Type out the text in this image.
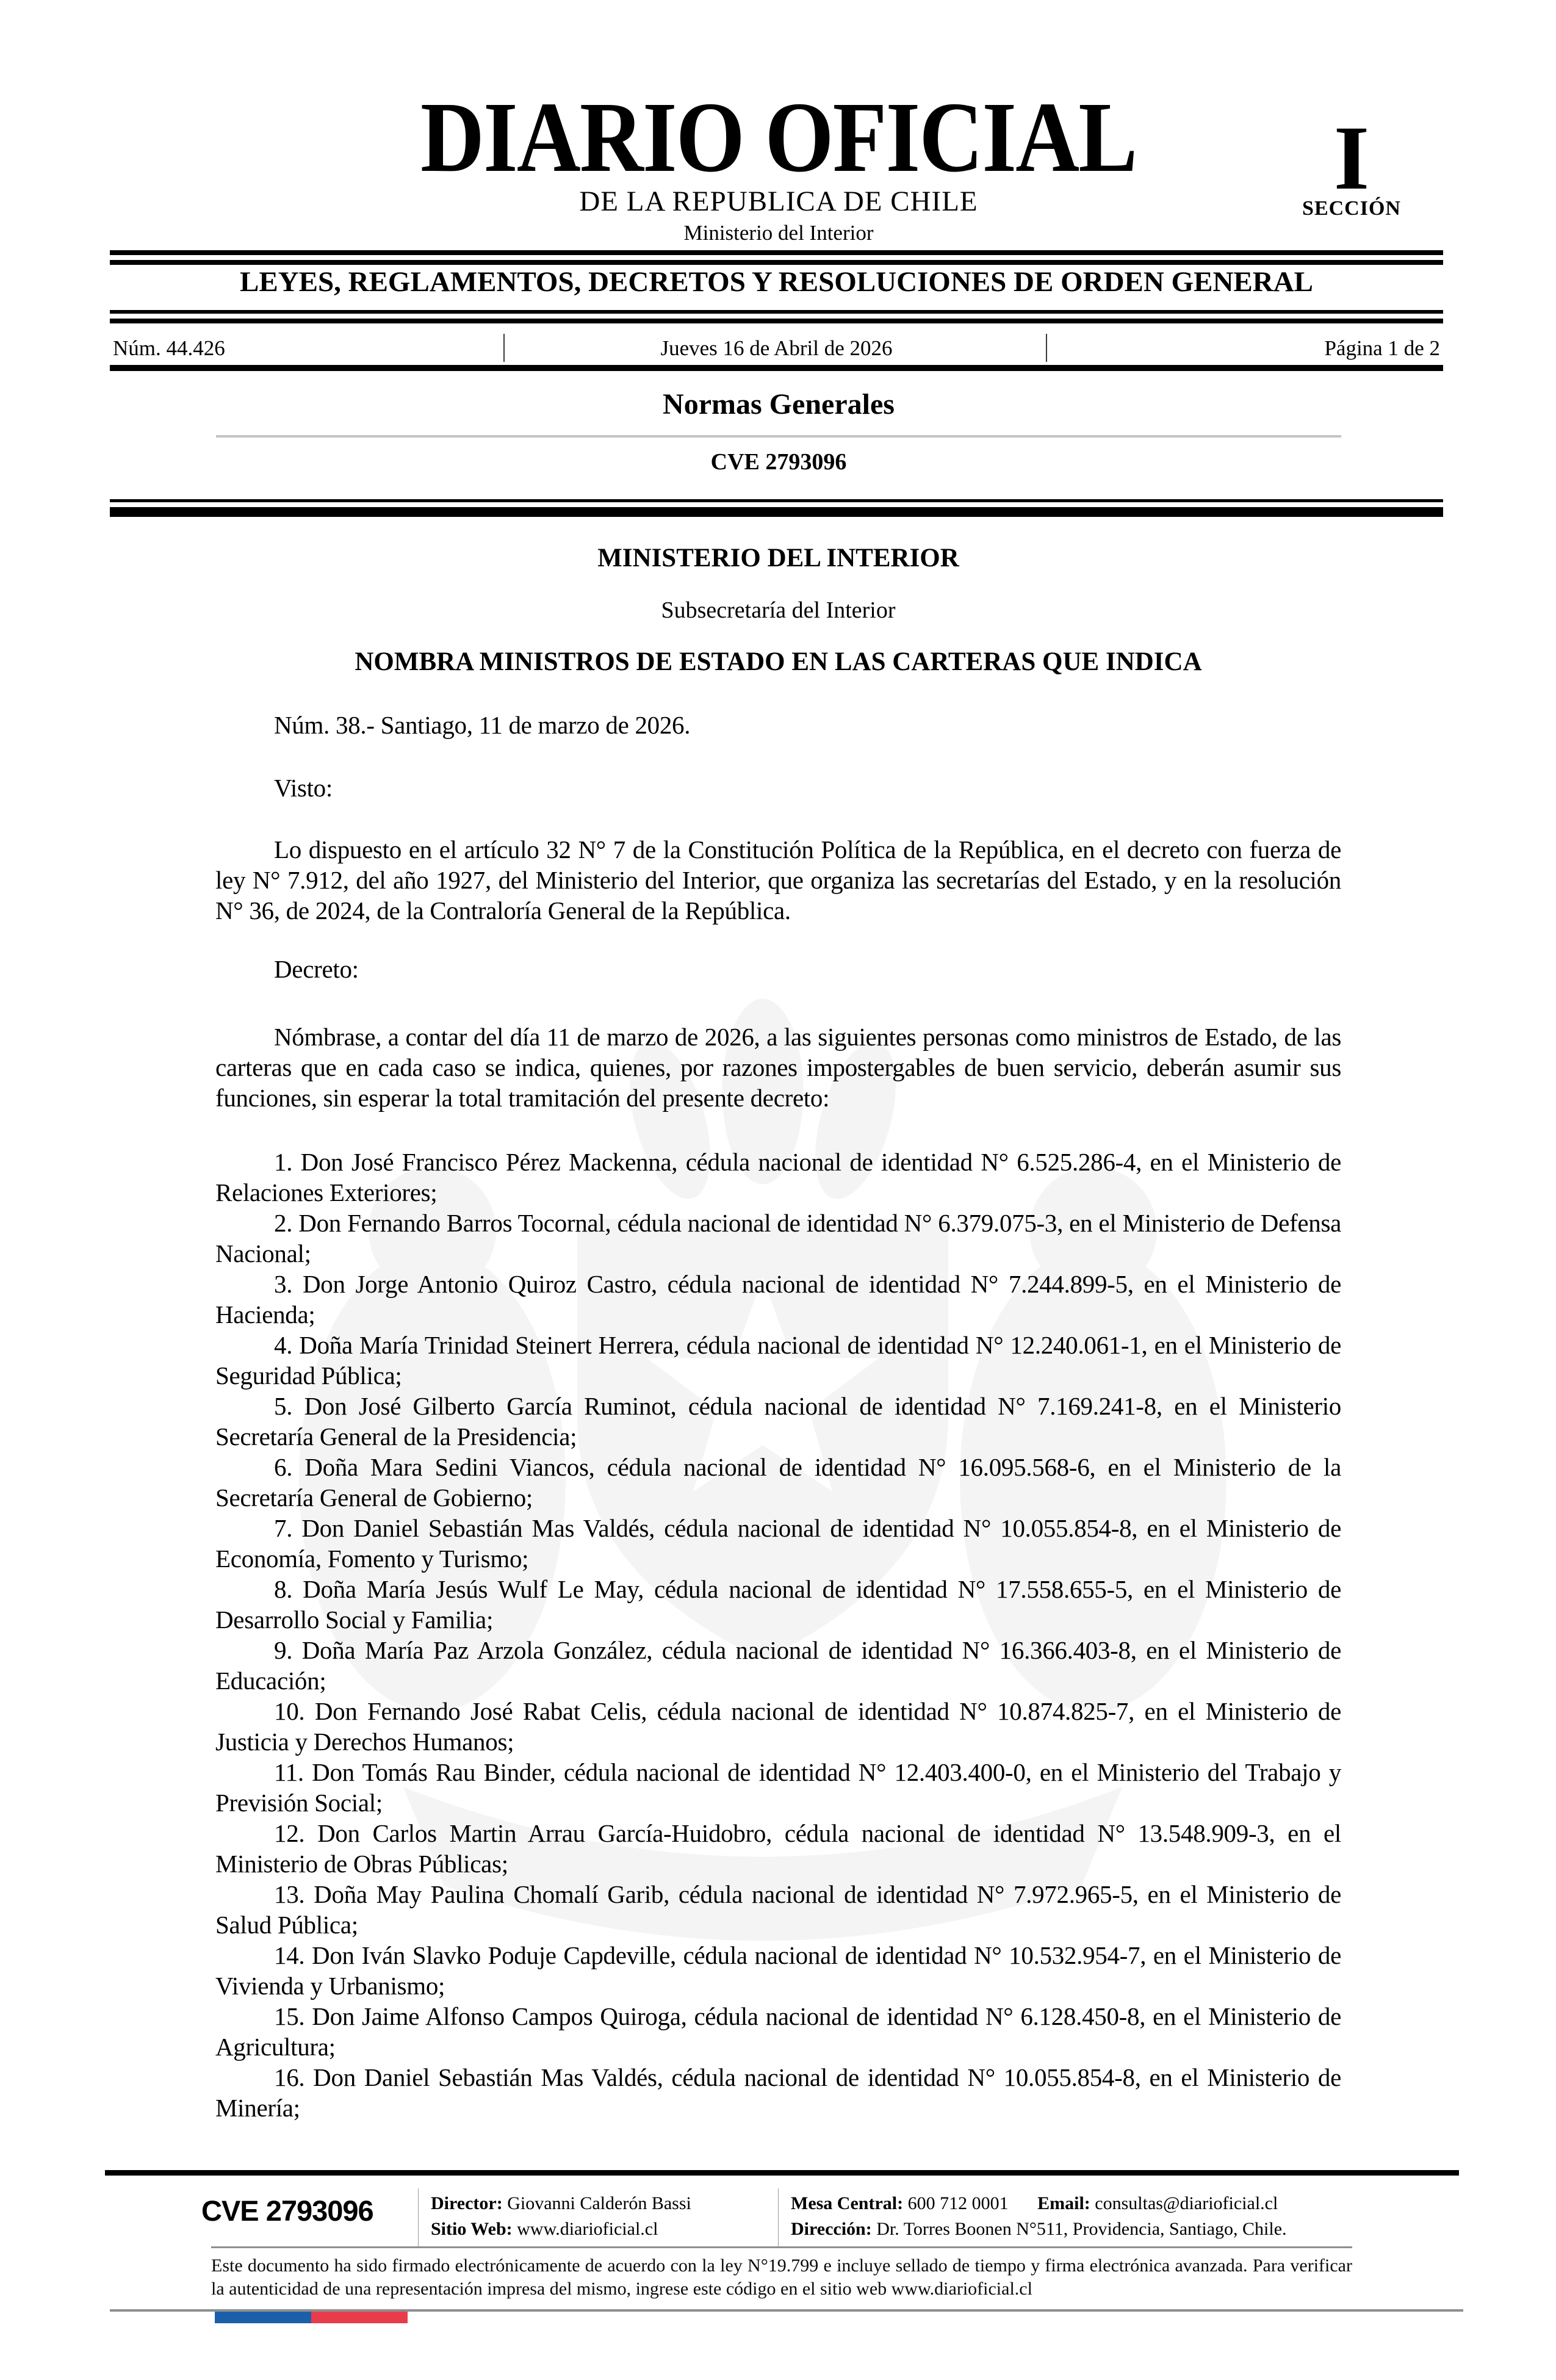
DIARIO OFICIAL
DE LA REPUBLICA DE CHILE
Ministerio del Interior
I
SECCIÓN
LEYES, REGLAMENTOS, DECRETOS Y RESOLUCIONES DE ORDEN GENERAL
Núm. 44.426	Jueves 16 de Abril de 2026	Página 1 de 2
Normas Generales
CVE 2793096
MINISTERIO DEL INTERIOR
Subsecretaría del Interior
NOMBRA MINISTROS DE ESTADO EN LAS CARTERAS QUE INDICA

Núm. 38.- Santiago, 11 de marzo de 2026.

Visto:

Lo dispuesto en el artículo 32 N° 7 de la Constitución Política de la República, en el decreto con fuerza de ley N° 7.912, del año 1927, del Ministerio del Interior, que organiza las secretarías del Estado, y en la resolución N° 36, de 2024, de la Contraloría General de la República.

Decreto:

Nómbrase, a contar del día 11 de marzo de 2026, a las siguientes personas como ministros de Estado, de las carteras que en cada caso se indica, quienes, por razones impostergables de buen servicio, deberán asumir sus funciones, sin esperar la total tramitación del presente decreto:

1. Don José Francisco Pérez Mackenna, cédula nacional de identidad N° 6.525.286-4, en el Ministerio de Relaciones Exteriores;

2. Don Fernando Barros Tocornal, cédula nacional de identidad N° 6.379.075-3, en el Ministerio de Defensa Nacional;

3. Don Jorge Antonio Quiroz Castro, cédula nacional de identidad N° 7.244.899-5, en el Ministerio de Hacienda;

4. Doña María Trinidad Steinert Herrera, cédula nacional de identidad N° 12.240.061-1, en el Ministerio de Seguridad Pública;

5. Don José Gilberto García Ruminot, cédula nacional de identidad N° 7.169.241-8, en el Ministerio Secretaría General de la Presidencia;

6. Doña Mara Sedini Viancos, cédula nacional de identidad N° 16.095.568-6, en el Ministerio de la Secretaría General de Gobierno;

7. Don Daniel Sebastián Mas Valdés, cédula nacional de identidad N° 10.055.854-8, en el Ministerio de Economía, Fomento y Turismo;

8. Doña María Jesús Wulf Le May, cédula nacional de identidad N° 17.558.655-5, en el Ministerio de Desarrollo Social y Familia;

9. Doña María Paz Arzola González, cédula nacional de identidad N° 16.366.403-8, en el Ministerio de Educación;

10. Don Fernando José Rabat Celis, cédula nacional de identidad N° 10.874.825-7, en el Ministerio de Justicia y Derechos Humanos;

11. Don Tomás Rau Binder, cédula nacional de identidad N° 12.403.400-0, en el Ministerio del Trabajo y Previsión Social;

12. Don Carlos Martin Arrau García-Huidobro, cédula nacional de identidad N° 13.548.909-3, en el Ministerio de Obras Públicas;

13. Doña May Paulina Chomalí Garib, cédula nacional de identidad N° 7.972.965-5, en el Ministerio de Salud Pública;

14. Don Iván Slavko Poduje Capdeville, cédula nacional de identidad N° 10.532.954-7, en el Ministerio de Vivienda y Urbanismo;

15. Don Jaime Alfonso Campos Quiroga, cédula nacional de identidad N° 6.128.450-8, en el Ministerio de Agricultura;

16. Don Daniel Sebastián Mas Valdés, cédula nacional de identidad N° 10.055.854-8, en el Ministerio de Minería;

CVE 2793096	Director: Giovanni Calderón Bassi
Sitio Web: www.diarioficial.cl
Mesa Central: 600 712 0001 Email: consultas@diarioficial.cl
Dirección: Dr. Torres Boonen N°511, Providencia, Santiago, Chile.
Este documento ha sido firmado electrónicamente de acuerdo con la ley N°19.799 e incluye sellado de tiempo y firma electrónica avanzada. Para verificar la autenticidad de una representación impresa del mismo, ingrese este código en el sitio web www.diarioficial.cl
